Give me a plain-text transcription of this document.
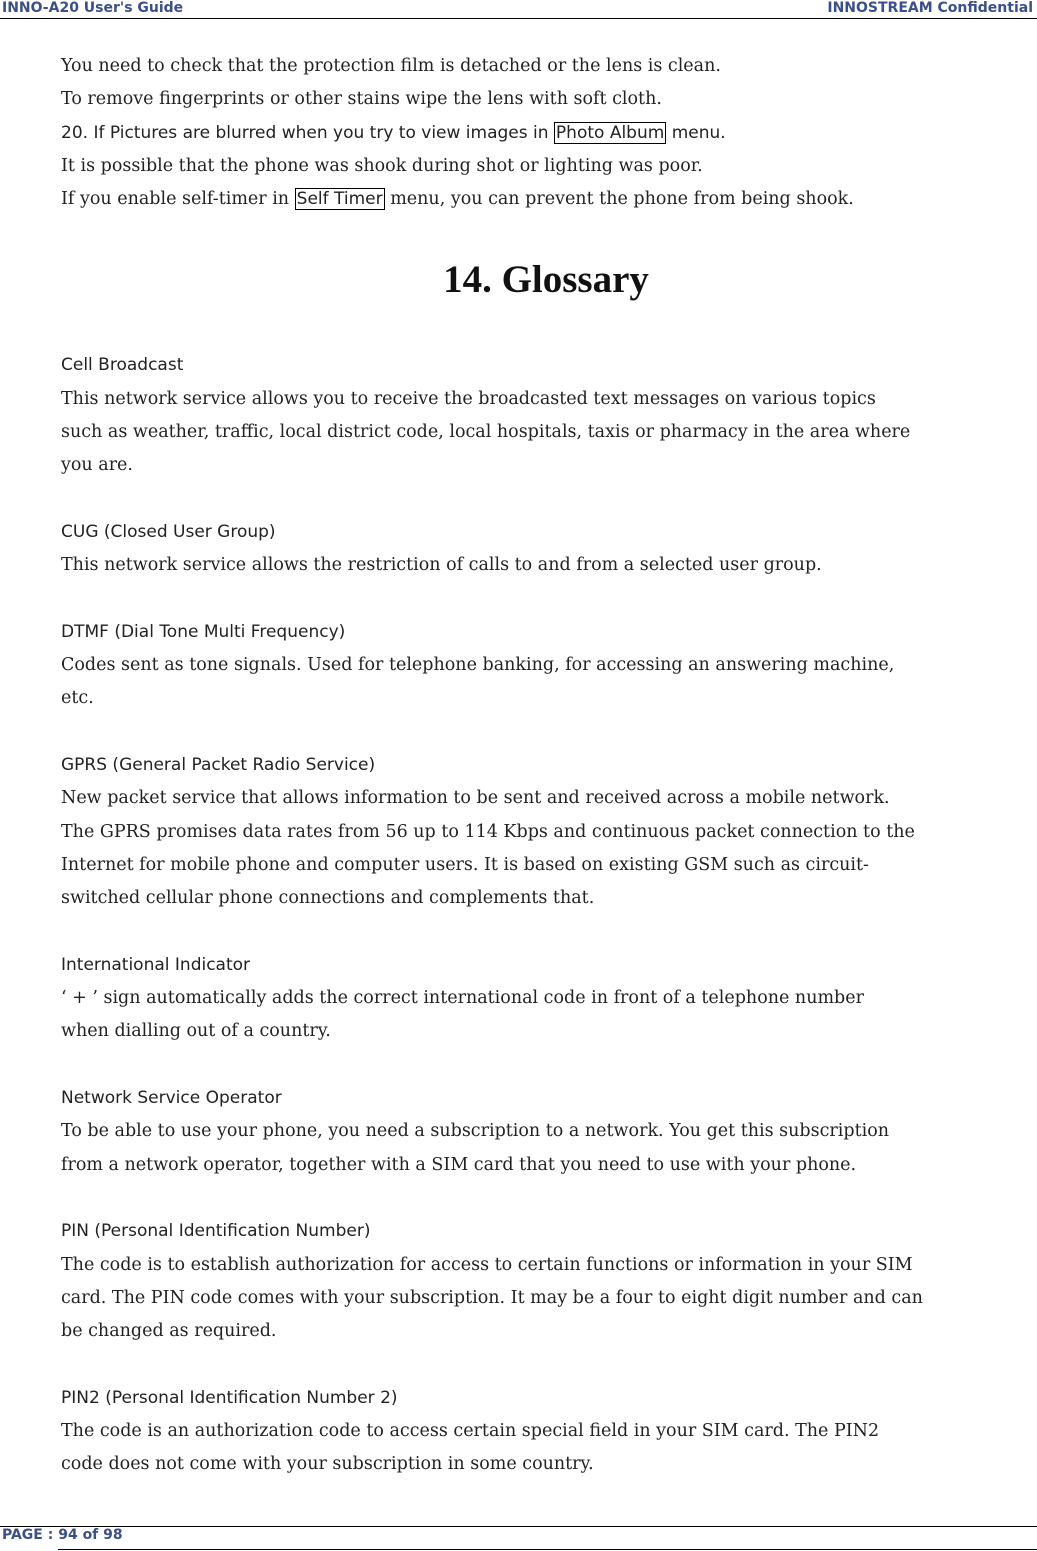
INNO-A20 User's Guide	INNOSTREAM Confidential
You need to check that the protection film is detached or the lens is clean.
To remove fingerprints or other stains wipe the lens with soft cloth.
20. If Pictures are blurred when you try to view images in Photo Album menu.
It is possible that the phone was shook during shot or lighting was poor.
If you enable self-timer in Self Timer menu, you can prevent the phone from being shook.
14. Glossary
Cell Broadcast
This network service allows you to receive the broadcasted text messages on various topics
such as weather, traffic, local district code, local hospitals, taxis or pharmacy in the area where
you are.
CUG (Closed User Group)
This network service allows the restriction of calls to and from a selected user group.
DTMF (Dial Tone Multi Frequency)
Codes sent as tone signals. Used for telephone banking, for accessing an answering machine,
etc.
GPRS (General Packet Radio Service)
New packet service that allows information to be sent and received across a mobile network.
The GPRS promises data rates from 56 up to 114 Kbps and continuous packet connection to the
Internet for mobile phone and computer users. It is based on existing GSM such as circuit-
switched cellular phone connections and complements that.
International Indicator
‘ + ’ sign automatically adds the correct international code in front of a telephone number
when dialling out of a country.
Network Service Operator
To be able to use your phone, you need a subscription to a network. You get this subscription
from a network operator, together with a SIM card that you need to use with your phone.
PIN (Personal Identification Number)
The code is to establish authorization for access to certain functions or information in your SIM
card. The PIN code comes with your subscription. It may be a four to eight digit number and can
be changed as required.
PIN2 (Personal Identification Number 2)
The code is an authorization code to access certain special field in your SIM card. The PIN2
code does not come with your subscription in some country.
PAGE : 94 of 98
